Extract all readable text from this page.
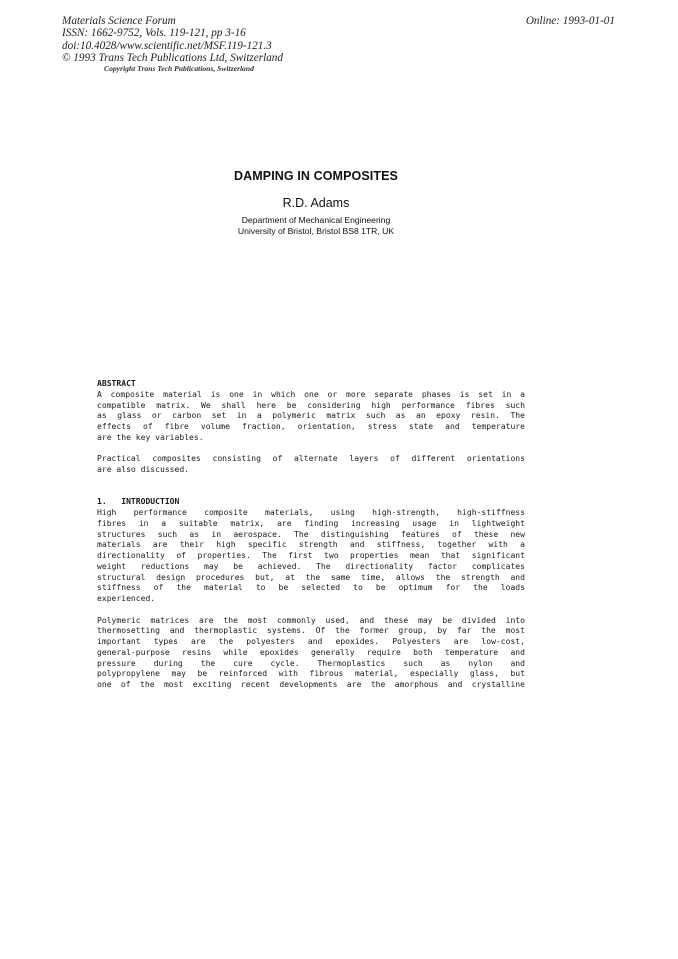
Materials Science Forum
ISSN: 1662-9752, Vols. 119-121, pp 3-16
doi:10.4028/www.scientific.net/MSF.119-121.3
© 1993 Trans Tech Publications Ltd, Switzerland
Online: 1993-01-01
Copyright Trans Tech Publications, Switzerland
DAMPING IN COMPOSITES
R.D. Adams
Department of Mechanical Engineering
University of Bristol, Bristol BS8 1TR, UK
ABSTRACT
A composite material is one in which one or more separate phases is set in a
compatible matrix. We shall here be considering high performance fibres such
as glass or carbon set in a polymeric matrix such as an epoxy resin. The
effects of fibre volume fraction, orientation, stress state and temperature
are the key variables.
Practical composites consisting of alternate layers of different orientations
are also discussed.
1.   INTRODUCTION
High performance composite materials, using high-strength, high-stiffness
fibres in a suitable matrix, are finding increasing usage in lightweight
structures such as in aerospace. The distinguishing features of these new
materials are their high specific strength and stiffness, together with a
directionality of properties. The first two properties mean that significant
weight reductions may be achieved. The directionality factor complicates
structural design procedures but, at the same time, allows the strength and
stiffness of the material to be selected to be optimum for the loads
experienced.
Polymeric matrices are the most commonly used, and these may be divided into
thermosetting and thermoplastic systems. Of the former group, by far the most
important types are the polyesters and epoxides. Polyesters are low-cost,
general-purpose resins while epoxides generally require both temperature and
pressure during the cure cycle. Thermoplastics such as nylon and
polypropylene may be reinforced with fibrous material, especially glass, but
one of the most exciting recent developments are the amorphous and crystalline
